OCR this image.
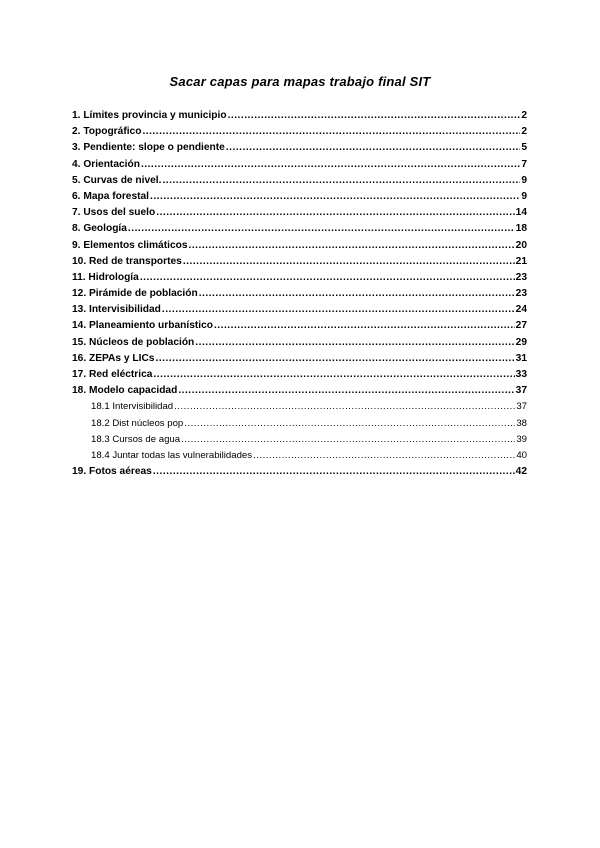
Sacar capas para mapas trabajo final SIT
1. Límites provincia y municipio .....	2
2. Topográfico .....	2
3. Pendiente: slope o pendiente .....	5
4. Orientación .....	7
5. Curvas de nivel. .....	9
6. Mapa forestal .....	9
7. Usos del suelo .....	14
8. Geología .....	18
9. Elementos climáticos .....	20
10. Red de transportes .....	21
11. Hidrología .....	23
12. Pirámide de población .....	23
13. Intervisibilidad .....	24
14. Planeamiento urbanístico .....	27
15. Núcleos de población .....	29
16. ZEPAs y LICs .....	31
17. Red eléctrica .....	33
18. Modelo capacidad .....	37
18.1 Intervisibilidad .....	37
18.2 Dist núcleos pop .....	38
18.3 Cursos de agua .....	39
18.4 Juntar todas las vulnerabilidades .....	40
19. Fotos aéreas .....	42
